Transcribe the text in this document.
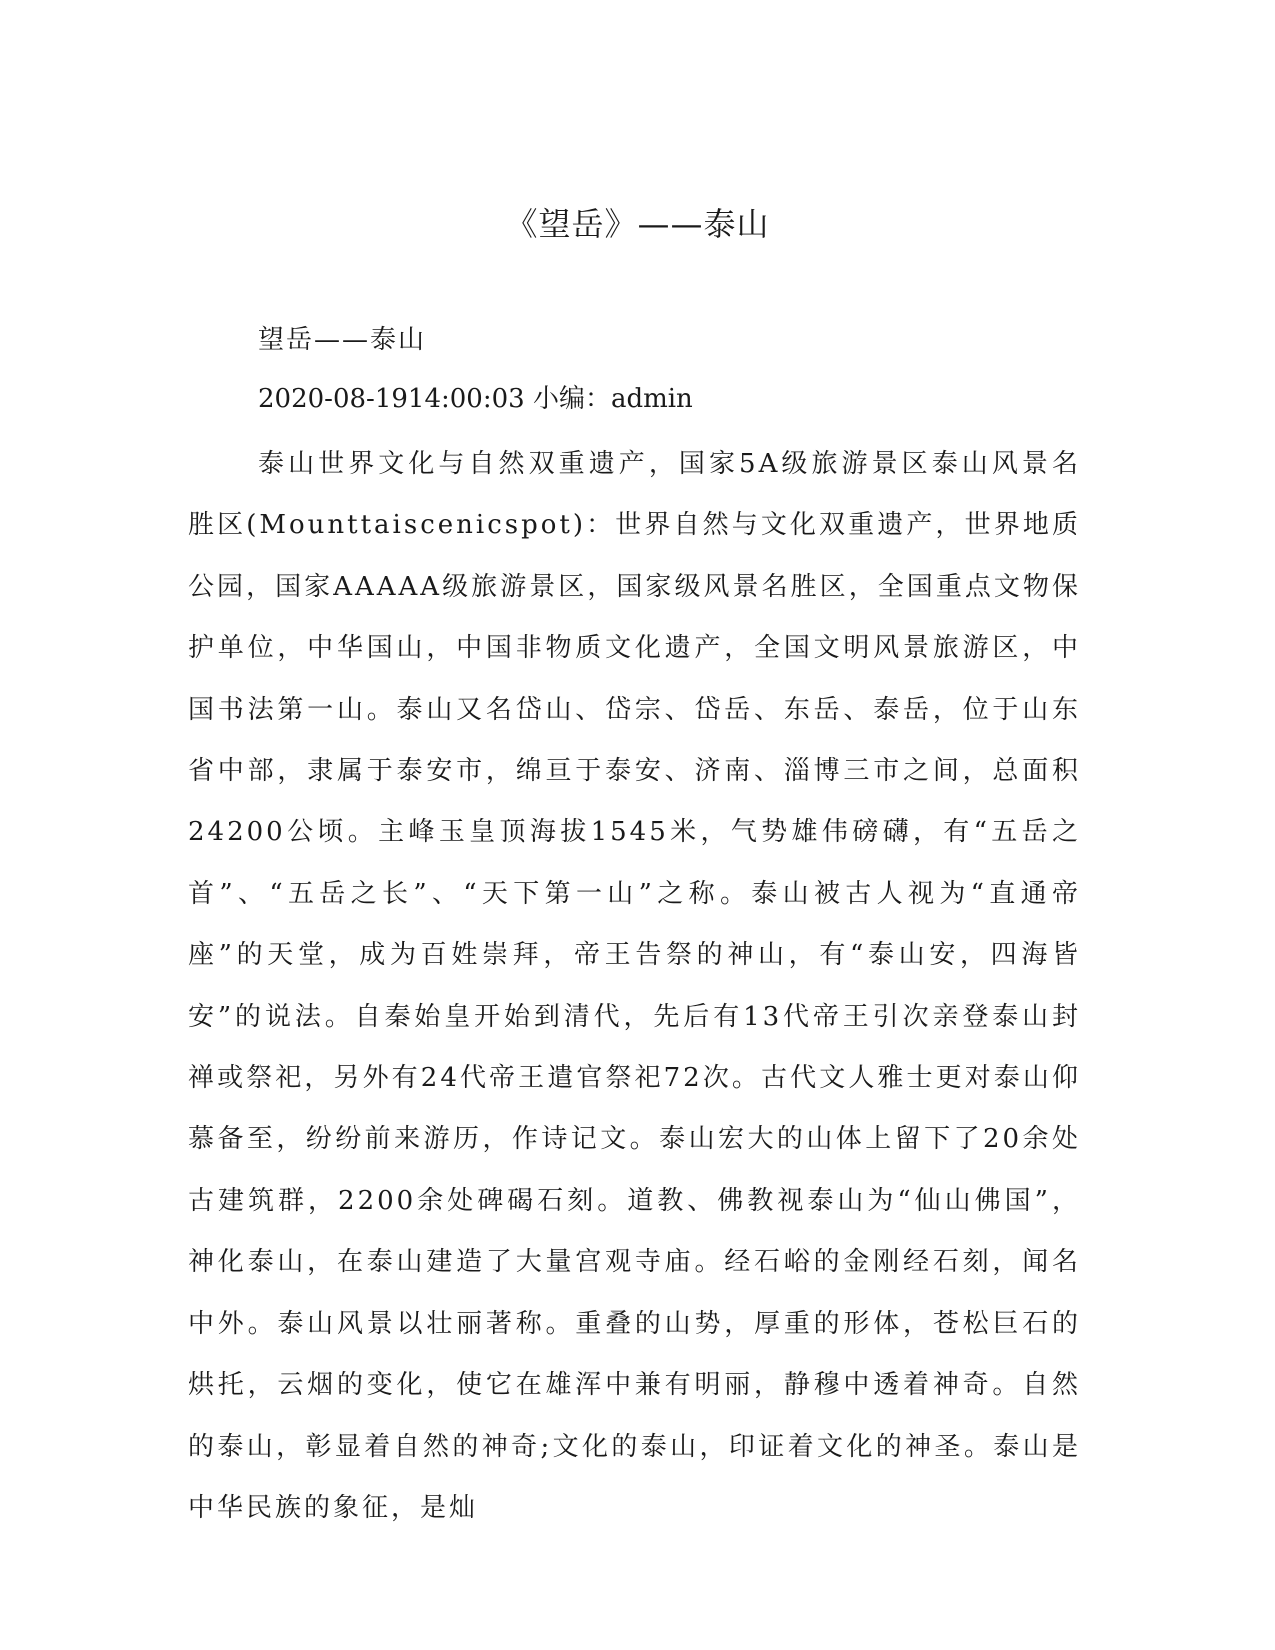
《望岳》——泰山
望岳——泰山
2020-08-1914:00:03 小编：admin

泰山世界文化与自然双重遗产，国家5A级旅游景区泰山风景名胜区(Mounttaiscenicspot)：世界自然与文化双重遗产，世界地质公园，国家AAAAA级旅游景区，国家级风景名胜区，全国重点文物保护单位，中华国山，中国非物质文化遗产，全国文明风景旅游区，中国书法第一山。泰山又名岱山、岱宗、岱岳、东岳、泰岳，位于山东省中部，隶属于泰安市，绵亘于泰安、济南、淄博三市之间，总面积24200公顷。主峰玉皇顶海拔1545米，气势雄伟磅礴，有“五岳之首”、“五岳之长”、“天下第一山”之称。泰山被古人视为“直通帝座”的天堂，成为百姓崇拜，帝王告祭的神山，有“泰山安，四海皆安”的说法。自秦始皇开始到清代，先后有13代帝王引次亲登泰山封禅或祭祀，另外有24代帝王遣官祭祀72次。古代文人雅士更对泰山仰慕备至，纷纷前来游历，作诗记文。泰山宏大的山体上留下了20余处古建筑群，2200余处碑碣石刻。道教、佛教视泰山为“仙山佛国”，神化泰山，在泰山建造了大量宫观寺庙。经石峪的金刚经石刻，闻名中外。泰山风景以壮丽著称。重叠的山势，厚重的形体，苍松巨石的烘托，云烟的变化，使它在雄浑中兼有明丽，静穆中透着神奇。自然的泰山，彰显着自然的神奇;文化的泰山，印证着文化的神圣。泰山是中华民族的象征，是灿
